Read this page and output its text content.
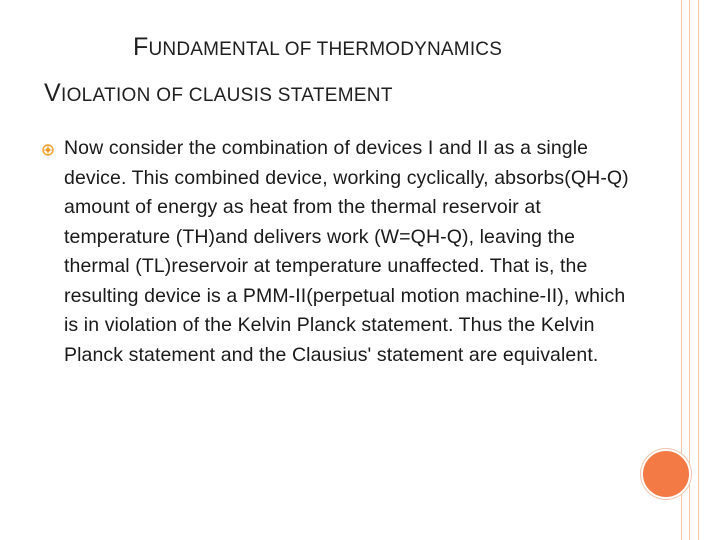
FUNDAMENTAL OF THERMODYNAMICS
VIOLATION OF CLAUSIS STATEMENT
Now consider the combination of devices I and II as a single device. This combined device, working cyclically, absorbs(QH-Q) amount of energy as heat from the thermal reservoir at temperature (TH)and delivers work (W=QH-Q), leaving the thermal (TL)reservoir at temperature unaffected. That is, the resulting device is a PMM-II(perpetual motion machine-II), which is in violation of the Kelvin Planck statement. Thus the Kelvin Planck statement and the Clausius' statement are equivalent.
